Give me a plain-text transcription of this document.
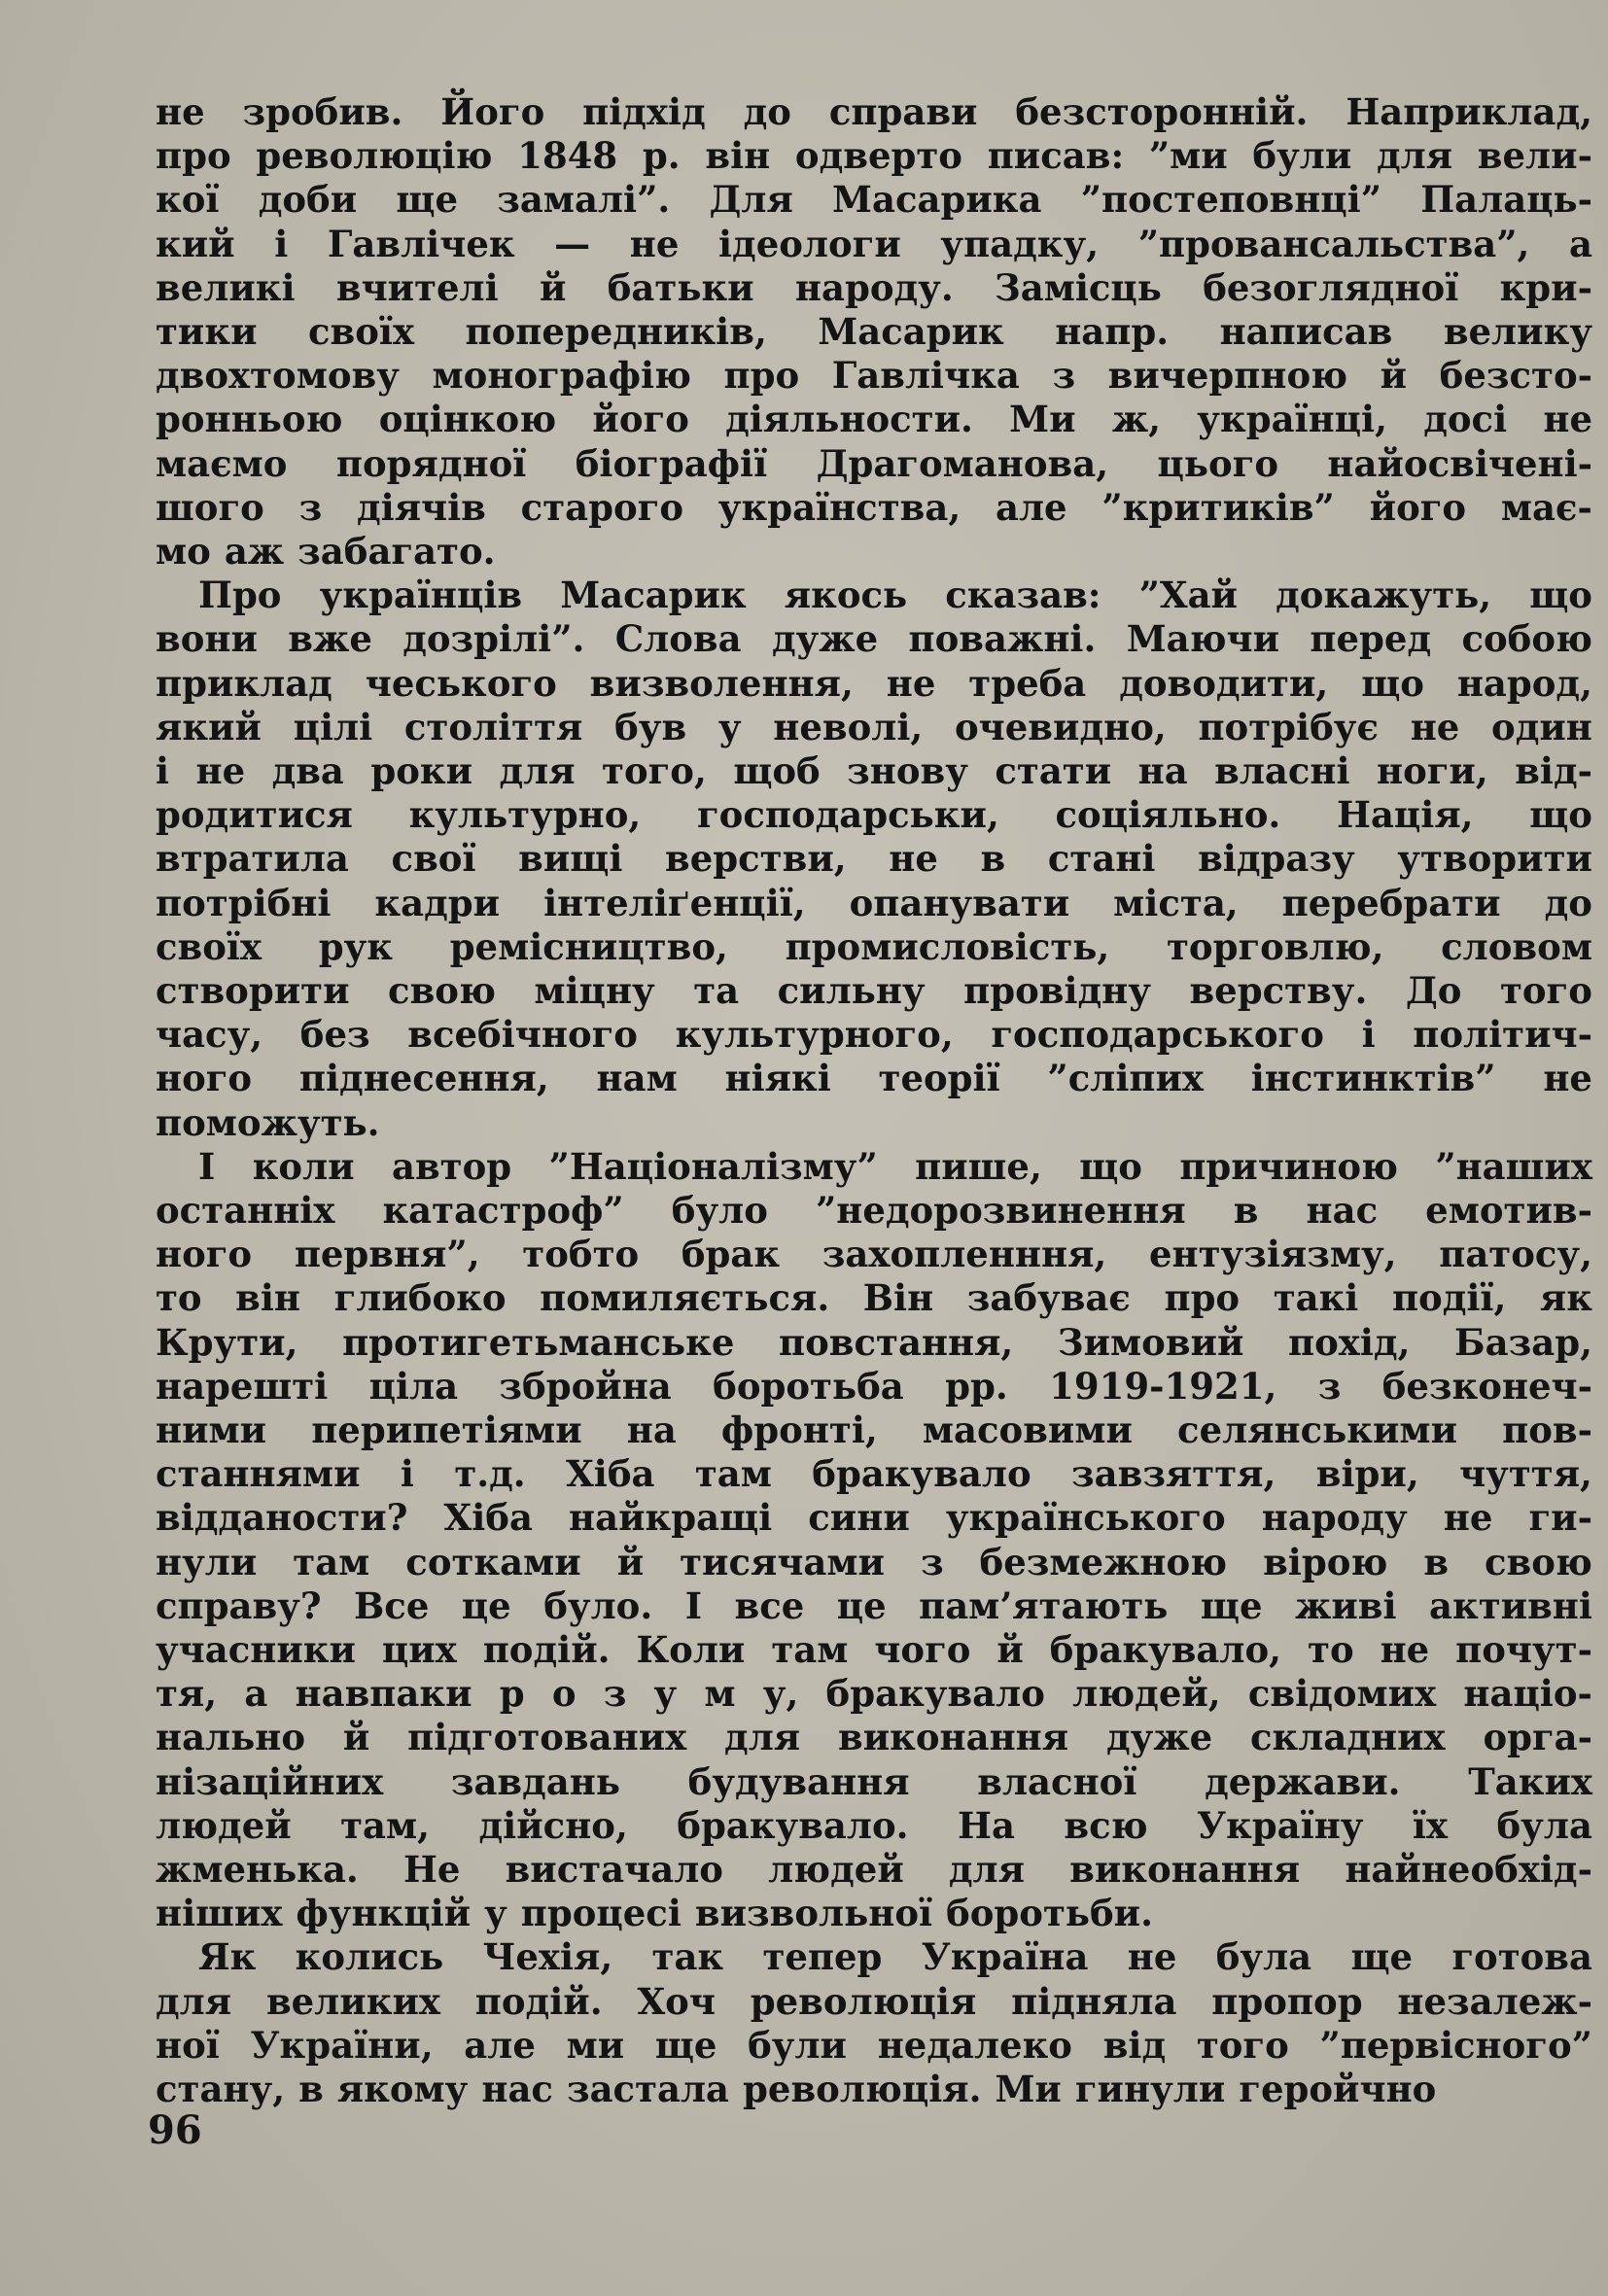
не зробив. Його підхід до справи безсторонній. Наприклад,
про революцію 1848 р. він одверто писав: ”ми були для вели-
кої доби ще замалі”. Для Масарика ”постеповнці” Палаць-
кий і Гавлічек — не ідеологи упадку, ”провансальства”, а
великі вчителі й батьки народу. Замісць безоглядної кри-
тики своїх попередників, Масарик напр. написав велику
двохтомову монографію про Гавлічка з вичерпною й безсто-
ронньою оцінкою його діяльности. Ми ж, українці, досі не
маємо порядної біографії Драгоманова, цього найосвічені-
шого з діячів старого українства, але ”критиків” його має-
мо аж забагато.
Про українців Масарик якось сказав: ”Хай докажуть, що
вони вже дозрілі”. Слова дуже поважні. Маючи перед собою
приклад чеського визволення, не треба доводити, що народ,
який цілі століття був у неволі, очевидно, потрібує не один
і не два роки для того, щоб знову стати на власні ноги, від-
родитися культурно, господарськи, соціяльно. Нація, що
втратила свої вищі верстви, не в стані відразу утворити
потрібні кадри інтеліґенції, опанувати міста, перебрати до
своїх рук ремісництво, промисловість, торговлю, словом
створити свою міцну та сильну провідну верству. До того
часу, без всебічного культурного, господарського і політич-
ного піднесення, нам ніякі теорії ”сліпих інстинктів” не
поможуть.
І коли автор ”Націоналізму” пише, що причиною ”наших
останніх катастроф” було ”недорозвинення в нас емотив-
ного первня”, тобто брак захопленння, ентузіязму, патосу,
то він глибоко помиляється. Він забуває про такі події, як
Крути, протигетьманське повстання, Зимовий похід, Базар,
нарешті ціла збройна боротьба рр. 1919-1921, з безконеч-
ними перипетіями на фронті, масовими селянськими пов-
станнями і т.д. Хіба там бракувало завзяття, віри, чуття,
відданости? Хіба найкращі сини українського народу не ги-
нули там сотками й тисячами з безмежною вірою в свою
справу? Все це було. І все це пам’ятають ще живі активні
учасники цих подій. Коли там чого й бракувало, то не почут-
тя, а навпаки р о з у м у, бракувало людей, свідомих націо-
нально й підготованих для виконання дуже складних орга-
нізаційних завдань будування власної держави. Таких
людей там, дійсно, бракувало. На всю Україну їх була
жменька. Не вистачало людей для виконання найнеобхід-
ніших функцій у процесі визвольної боротьби.
Як колись Чехія, так тепер Україна не була ще готова
для великих подій. Хоч революція підняла пропор незалеж-
ної України, але ми ще були недалеко від того ”первісного”
стану, в якому нас застала революція. Ми гинули геройчно
96
